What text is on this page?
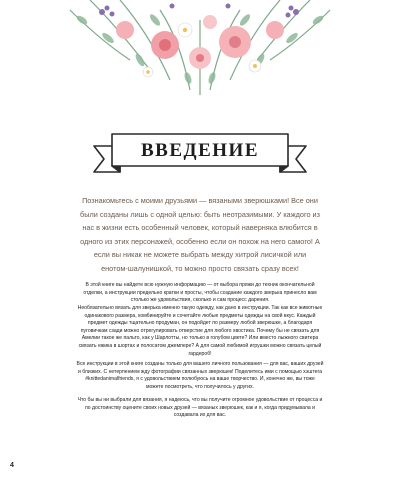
ВВЕДЕНИЕ
Познакомьтесь с моими друзьями — вязаными зверюшками! Все они были созданы лишь с одной целью: быть неотразимыми. У каждого из нас в жизни есть особенный человек, который наверняка влюбится в одного из этих персонажей, особенно если он похож на него самого! А если вы никак не можете выбрать между хитрой лисичкой или енотом-шалунишкой, то можно просто связать сразу всех!
В этой книге вы найдете всю нужную информацию — от выбора пряжи до техник окончательной отделки, а инструкции предельно кратки и просты, чтобы создание каждого зверька принесло вам столько же удовольствия, сколько и сам процесс дарения.
Необязательно вязать для зверька именно такую одежду, как дано в инструкции. Так как все животные одинакового размера, комбинируйте и сочетайте любые предметы одежды на свой вкус. Каждый предмет одежды тщательно продуман, он подойдет по размеру любой зверюшке, а благодаря пуговичкам сзади можно отрегулировать отверстие для любого хвостика. Почему бы не связать для Амелии такое же пальто, как у Шарлотты, но только в голубом цвете? Или вместо лыжного свитера связать ежика в шортах и полосатом джемпере? А для самой любимой игрушки можно связать целый гардероб!
Все инструкции в этой книге созданы только для вашего личного пользования — для вас, ваших друзей и близких. С нетерпением жду фотографии связанных зверюшек! Поделитесь ими с помощью хэштега #knittedanimalfriends, я с удовольствием полюбуюсь на ваше творчество. И, конечно же, вы тоже можете посмотреть, что получилось у других.
Что бы вы ни выбрали для вязания, я надеюсь, что вы получите огромное удовольствие от процесса и по достоинству оцените своих новых друзей — вязаных зверюшек, как и я, когда придумывала и создавала их для вас.
4
